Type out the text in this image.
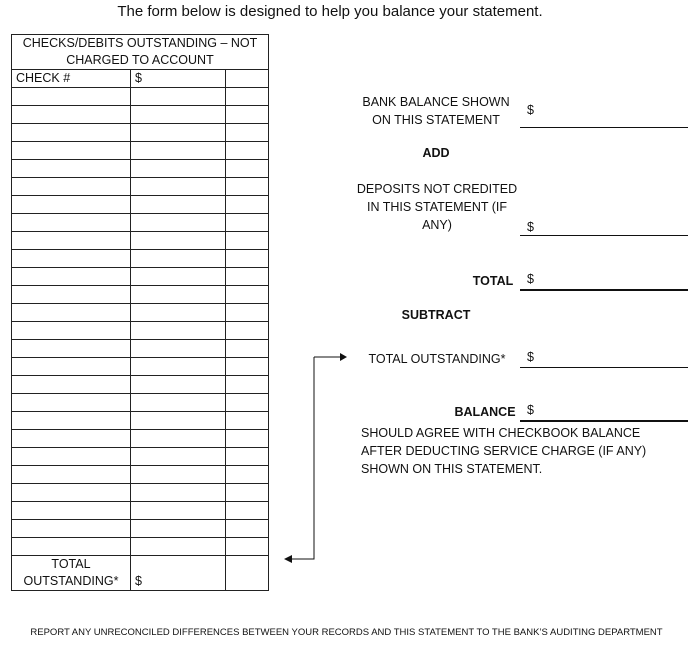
The form below is designed to help you balance your statement.
CHECKS/DEBITS OUTSTANDING – NOT CHARGED TO ACCOUNT		
CHECK #	$	

TOTAL OUTSTANDING*	$	
BANK BALANCE SHOWN ON THIS STATEMENT
$
ADD
DEPOSITS NOT CREDITED IN THIS STATEMENT (IF ANY)	$
TOTAL	$
SUBTRACT
TOTAL OUTSTANDING*	$
BALANCE $
SHOULD AGREE WITH CHECKBOOK BALANCE AFTER DEDUCTING SERVICE CHARGE (IF ANY) SHOWN ON THIS STATEMENT.
REPORT ANY UNRECONCILED DIFFERENCES BETWEEN YOUR RECORDS AND THIS STATEMENT TO THE BANK’S AUDITING DEPARTMENT
